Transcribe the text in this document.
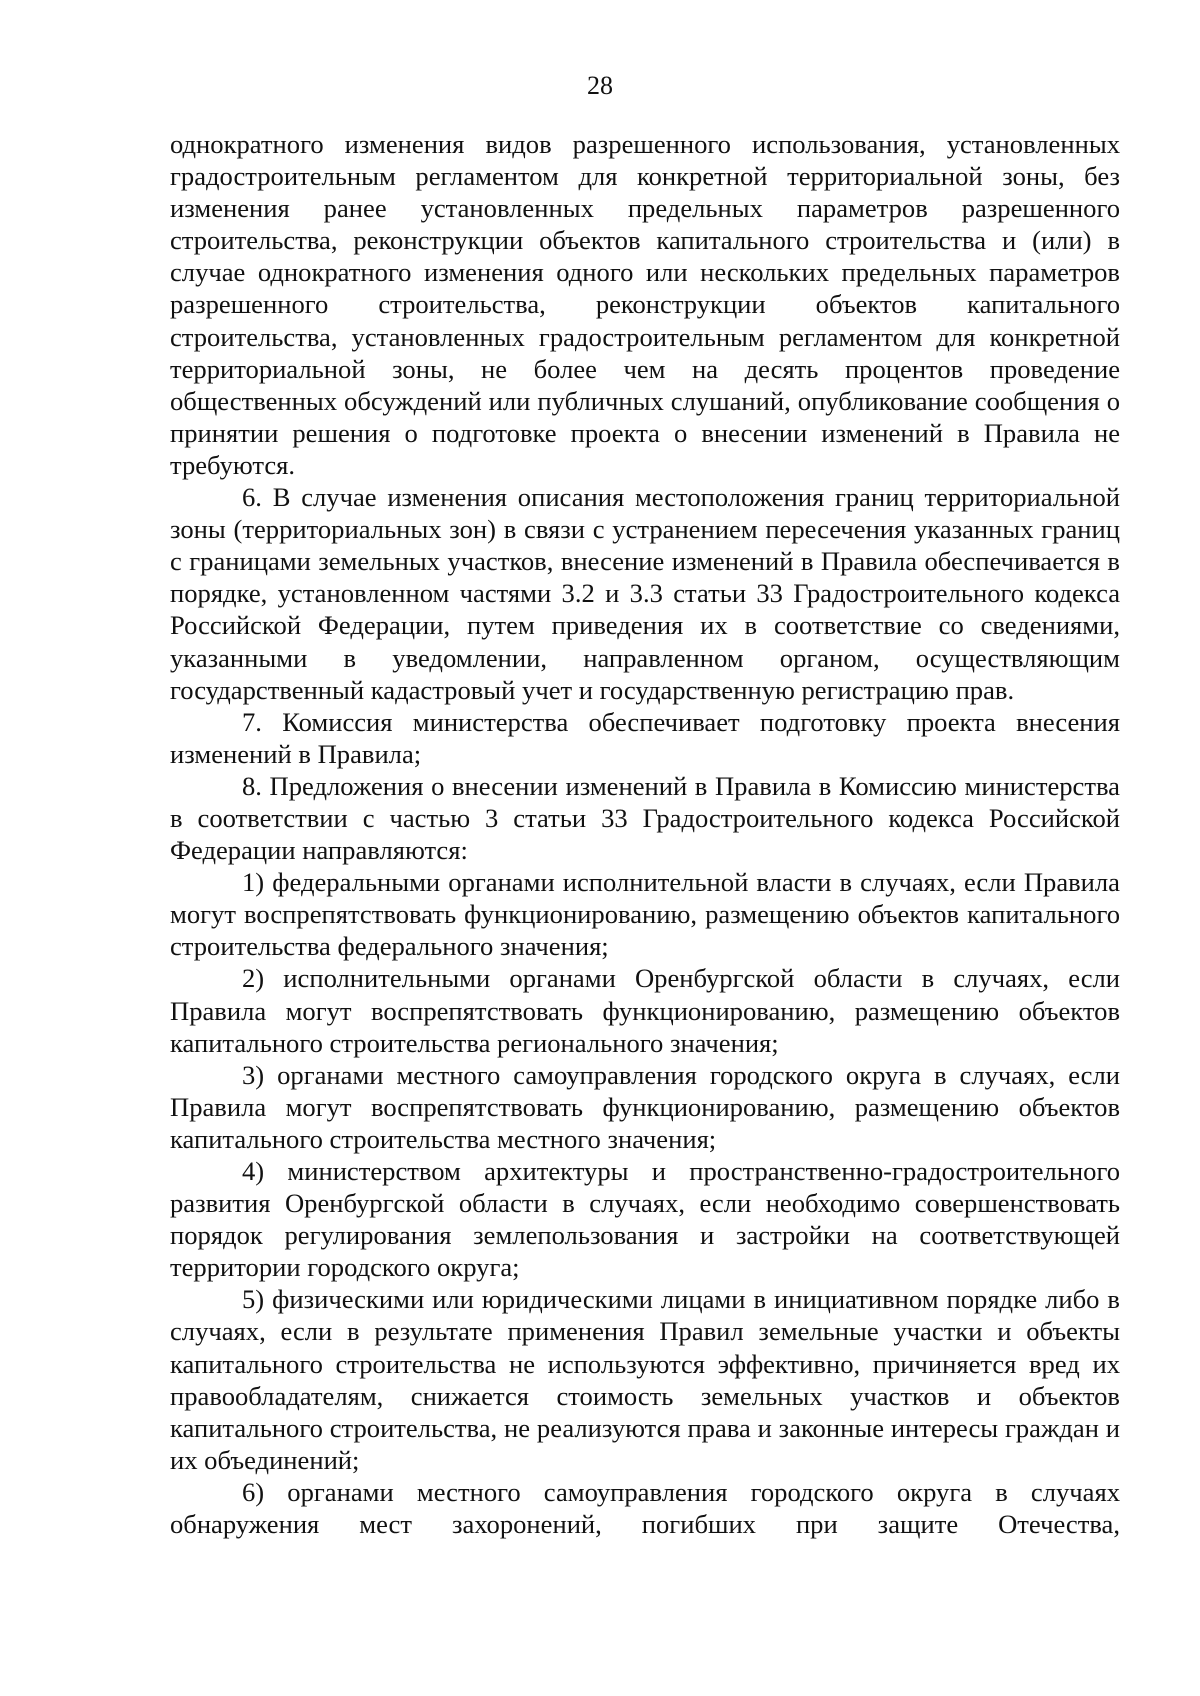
28

однократного изменения видов разрешенного использования, установленных градостроительным регламентом для конкретной территориальной зоны, без изменения ранее установленных предельных параметров разрешенного строительства, реконструкции объектов капитального строительства и (или) в случае однократного изменения одного или нескольких предельных параметров разрешенного строительства, реконструкции объектов капитального строительства, установленных градостроительным регламентом для конкретной территориальной зоны, не более чем на десять процентов проведение общественных обсуждений или публичных слушаний, опубликование сообщения о принятии решения о подготовке проекта о внесении изменений в Правила не требуются.

6. В случае изменения описания местоположения границ территориальной зоны (территориальных зон) в связи с устранением пересечения указанных границ с границами земельных участков, внесение изменений в Правила обеспечивается в порядке, установленном частями 3.2 и 3.3 статьи 33 Градостроительного кодекса Российской Федерации, путем приведения их в соответствие со сведениями, указанными в уведомлении, направленном органом, осуществляющим государственный кадастровый учет и государственную регистрацию прав.

7. Комиссия министерства обеспечивает подготовку проекта внесения изменений в Правила;

8. Предложения о внесении изменений в Правила в Комиссию министерства в соответствии с частью 3 статьи 33 Градостроительного кодекса Российской Федерации направляются:

1) федеральными органами исполнительной власти в случаях, если Правила могут воспрепятствовать функционированию, размещению объектов капитального строительства федерального значения;

2) исполнительными органами Оренбургской области в случаях, если Правила могут воспрепятствовать функционированию, размещению объектов капитального строительства регионального значения;

3) органами местного самоуправления городского округа в случаях, если Правила могут воспрепятствовать функционированию, размещению объектов капитального строительства местного значения;

4) министерством архитектуры и пространственно-градостроительного развития Оренбургской области в случаях, если необходимо совершенствовать порядок регулирования землепользования и застройки на соответствующей территории городского округа;

5) физическими или юридическими лицами в инициативном порядке либо в случаях, если в результате применения Правил земельные участки и объекты капитального строительства не используются эффективно, причиняется вред их правообладателям, снижается стоимость земельных участков и объектов капитального строительства, не реализуются права и законные интересы граждан и их объединений;

6) органами местного самоуправления городского округа в случаях обнаружения мест захоронений, погибших при защите Отечества,
